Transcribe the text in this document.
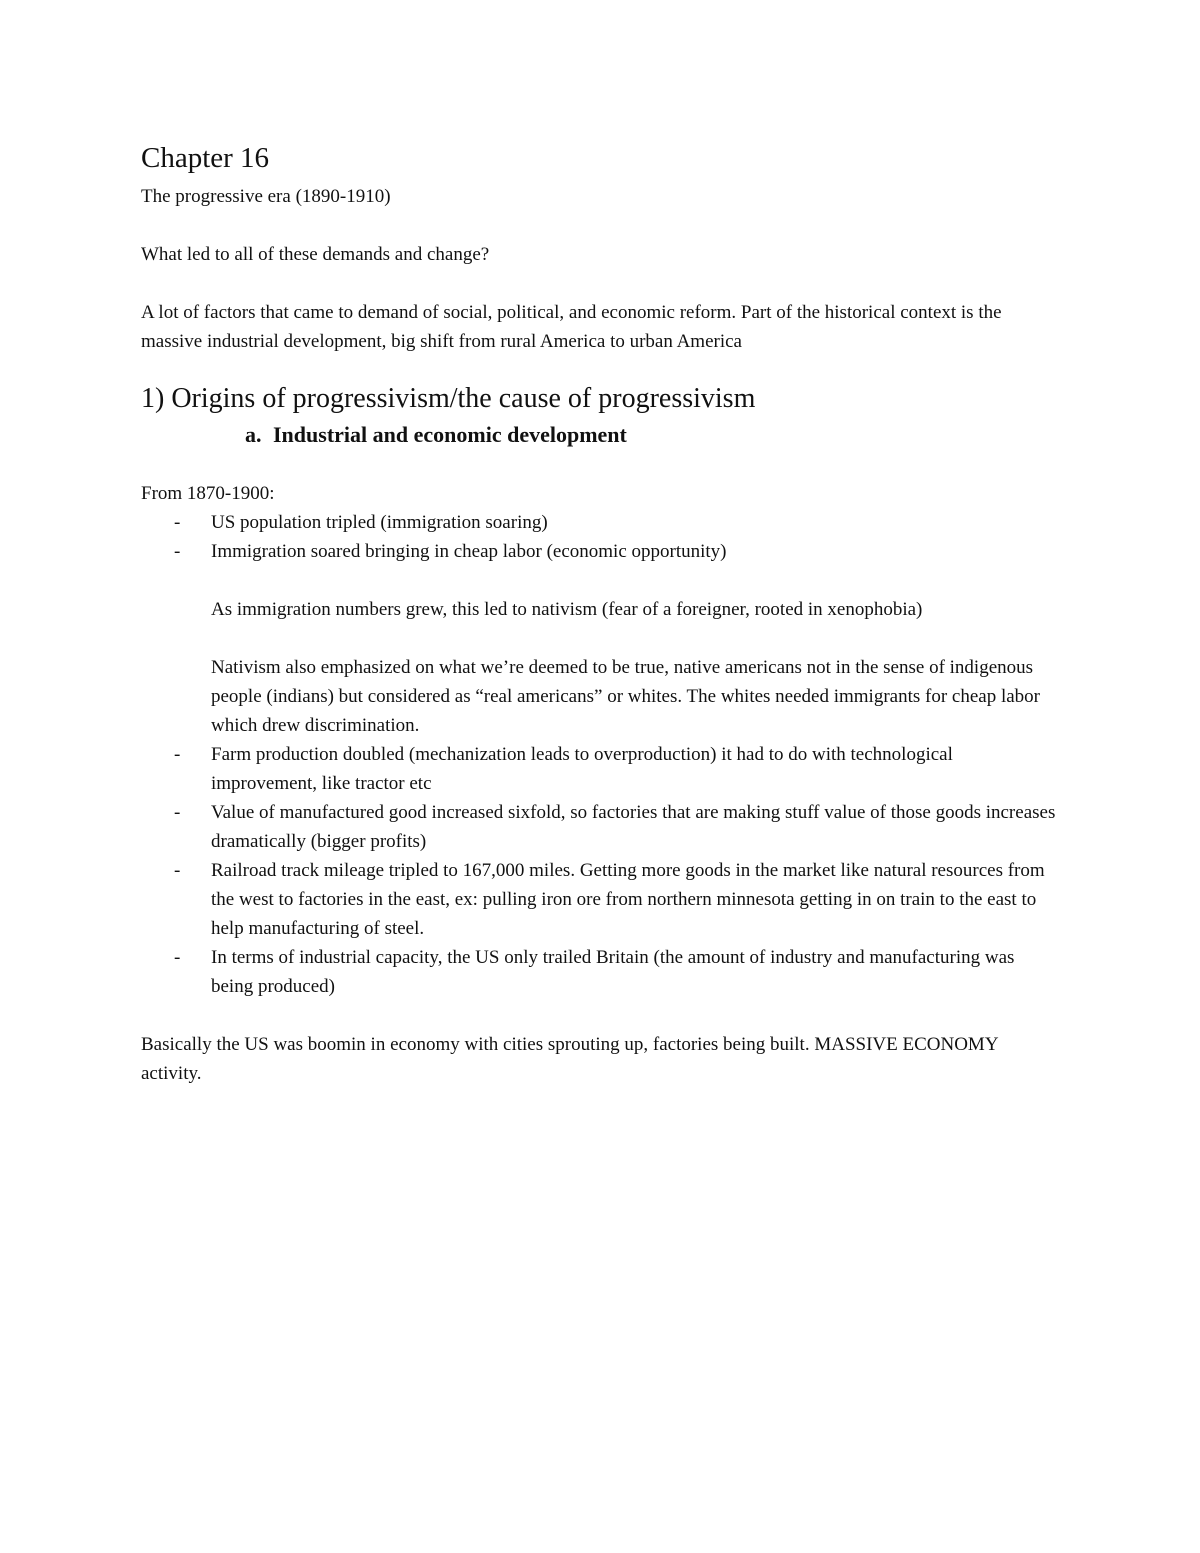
Chapter 16

The progressive era (1890-1910)

What led to all of these demands and change?

A lot of factors that came to demand of social, political, and economic reform. Part of the historical context is the massive industrial development, big shift from rural America to urban America

1) Origins of progressivism/the cause of progressivism
a. Industrial and economic development

From 1870-1900:

- US population tripled (immigration soaring)
- Immigration soared bringing in cheap labor (economic opportunity)

As immigration numbers grew, this led to nativism (fear of a foreigner, rooted in xenophobia)

Nativism also emphasized on what we’re deemed to be true, native americans not in the sense of indigenous people (indians) but considered as “real americans” or whites. The whites needed immigrants for cheap labor which drew discrimination.

- Farm production doubled (mechanization leads to overproduction) it had to do with technological improvement, like tractor etc
- Value of manufactured good increased sixfold, so factories that are making stuff value of those goods increases dramatically (bigger profits)
- Railroad track mileage tripled to 167,000 miles. Getting more goods in the market like natural resources from the west to factories in the east, ex: pulling iron ore from northern minnesota getting in on train to the east to help manufacturing of steel.
- In terms of industrial capacity, the US only trailed Britain (the amount of industry and manufacturing was being produced)

Basically the US was boomin in economy with cities sprouting up, factories being built. MASSIVE ECONOMY activity.
